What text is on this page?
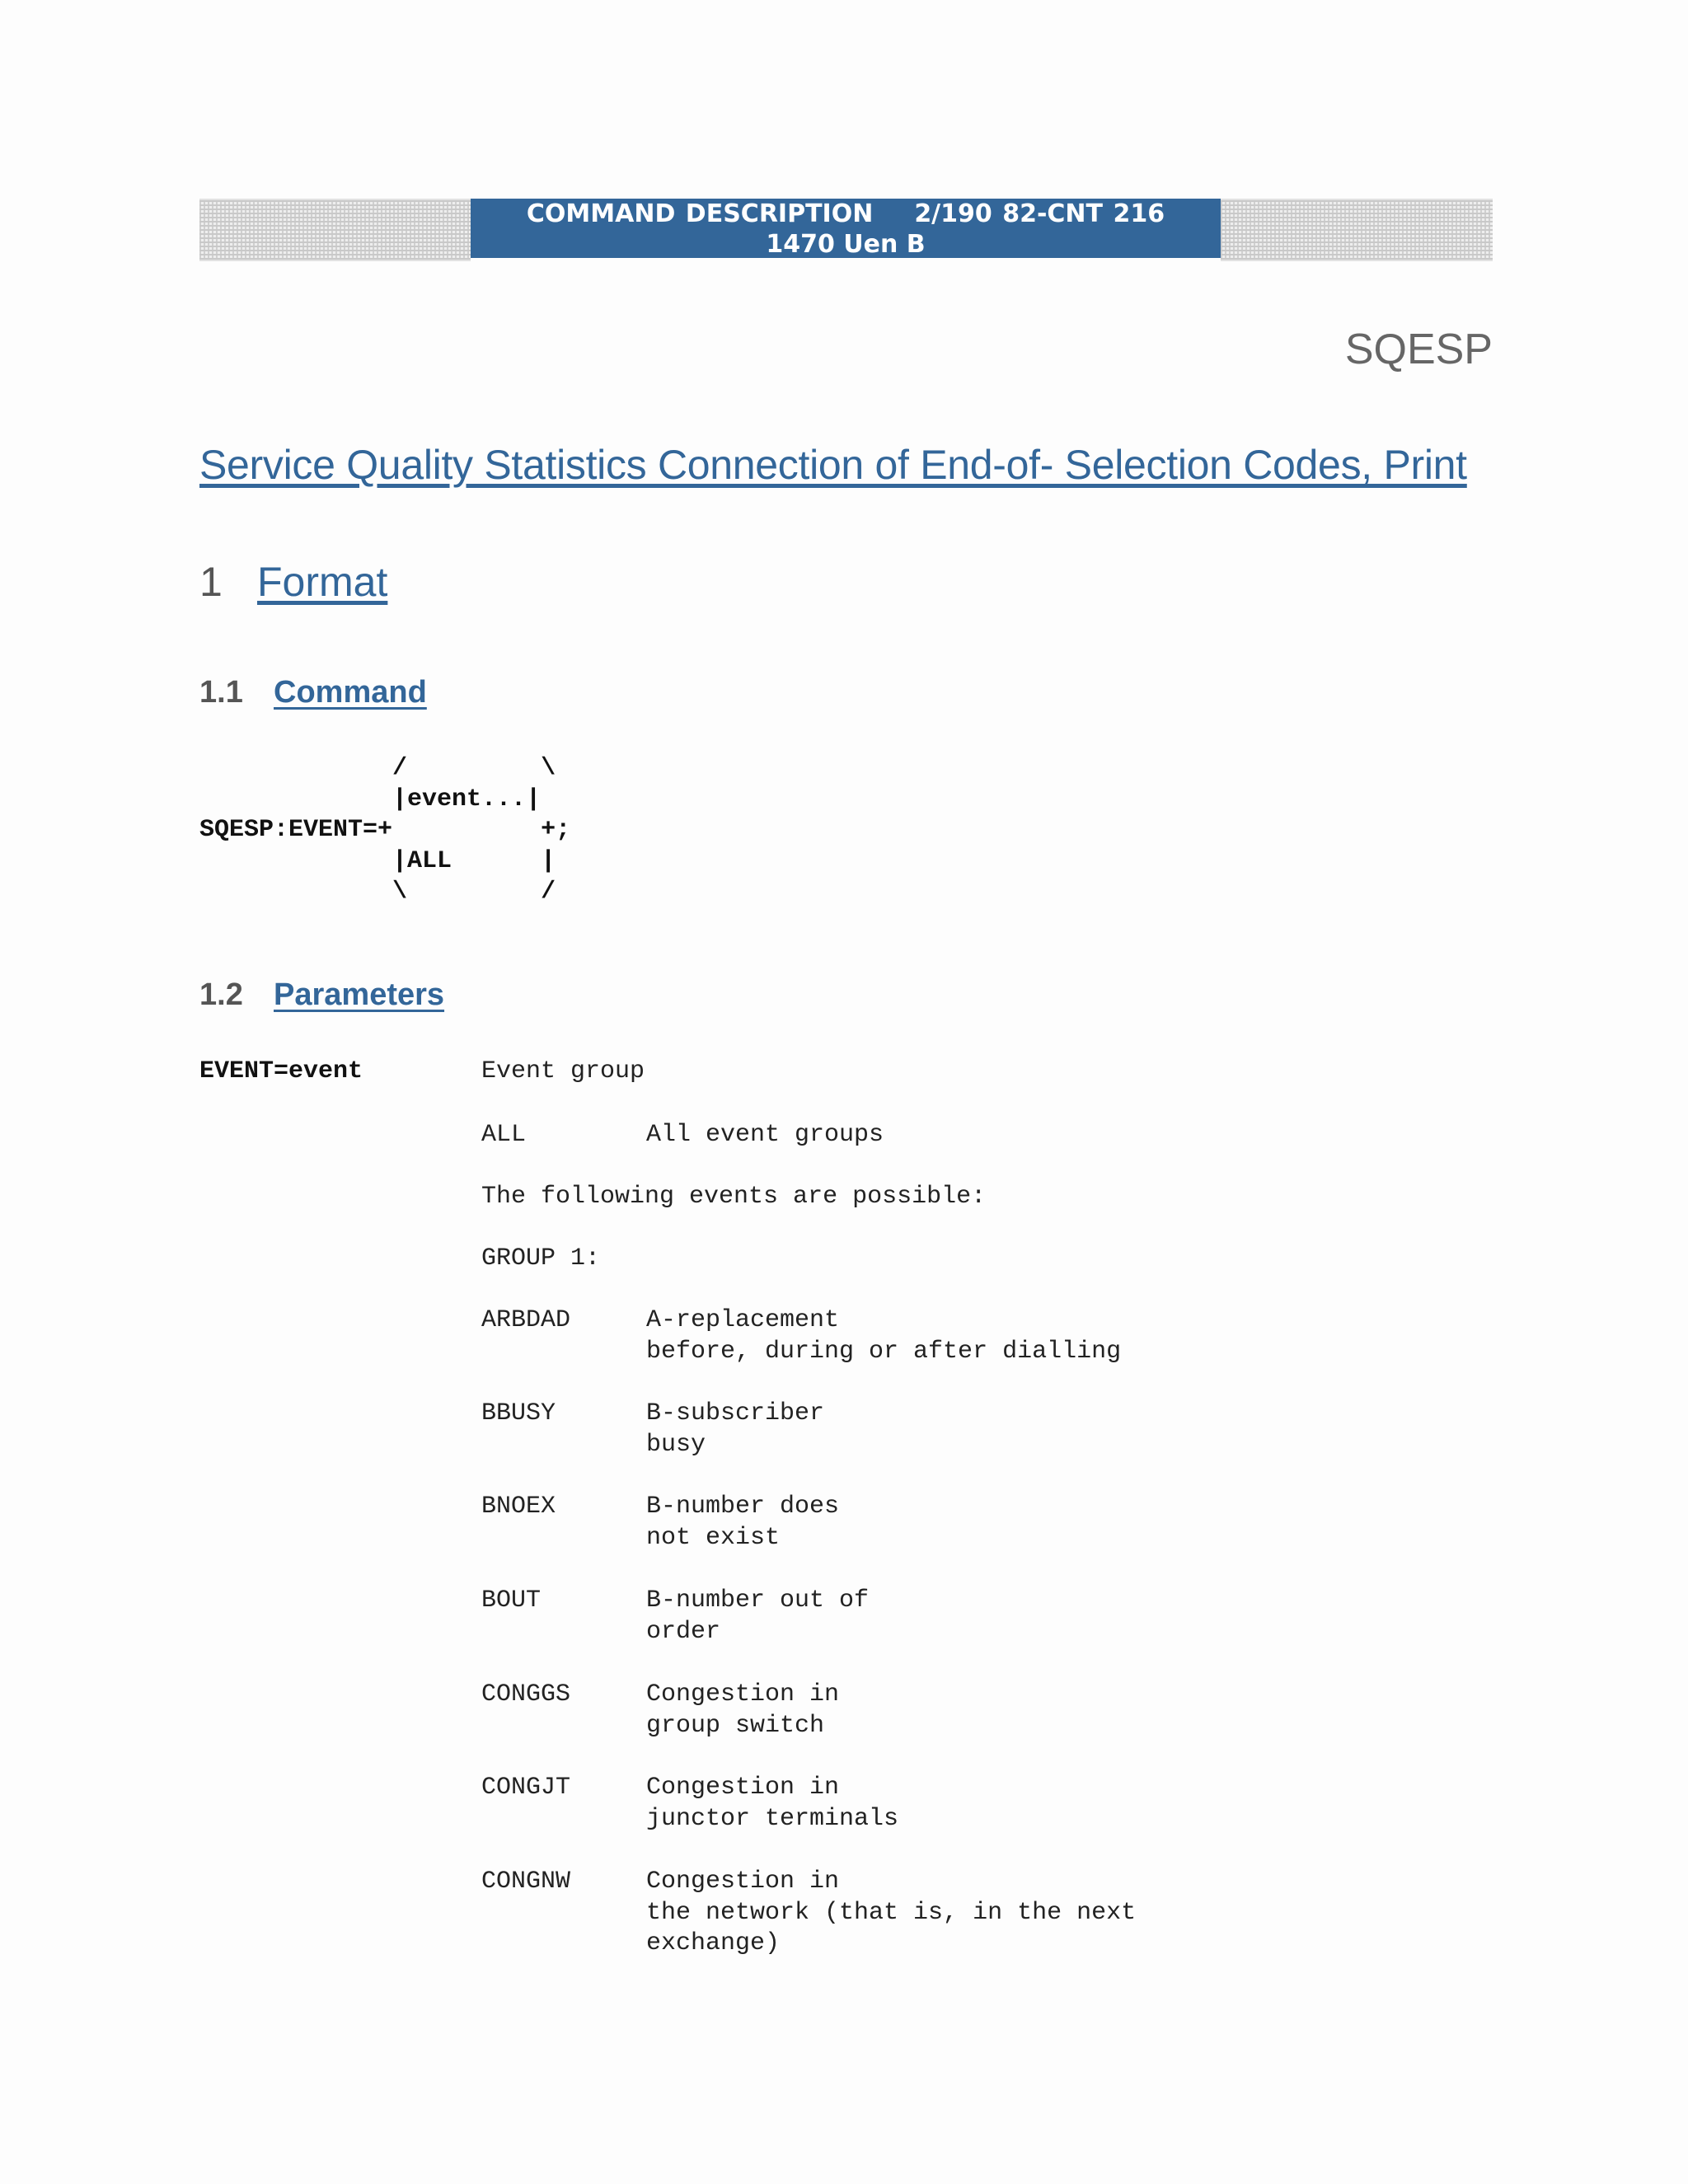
COMMAND DESCRIPTION 2/190 82-CNT 216
1470 Uen B
SQESP
Service Quality Statistics Connection of End-of- Selection Codes, Print
1 Format
1.1 Command
/         \
|event...|
SQESP:EVENT=+          +;
|ALL      |
\         /
1.2 Parameters
EVENT=event	Event group
ALL	All event groups
The following events are possible:
GROUP 1:
ARBDAD	A-replacement
before, during or after dialling
BBUSY	B-subscriber
busy
BNOEX	B-number does
not exist
BOUT	B-number out of
order
CONGGS	Congestion in
group switch
CONGJT	Congestion in
junctor terminals
CONGNW	Congestion in
the network (that is, in the next
exchange)
